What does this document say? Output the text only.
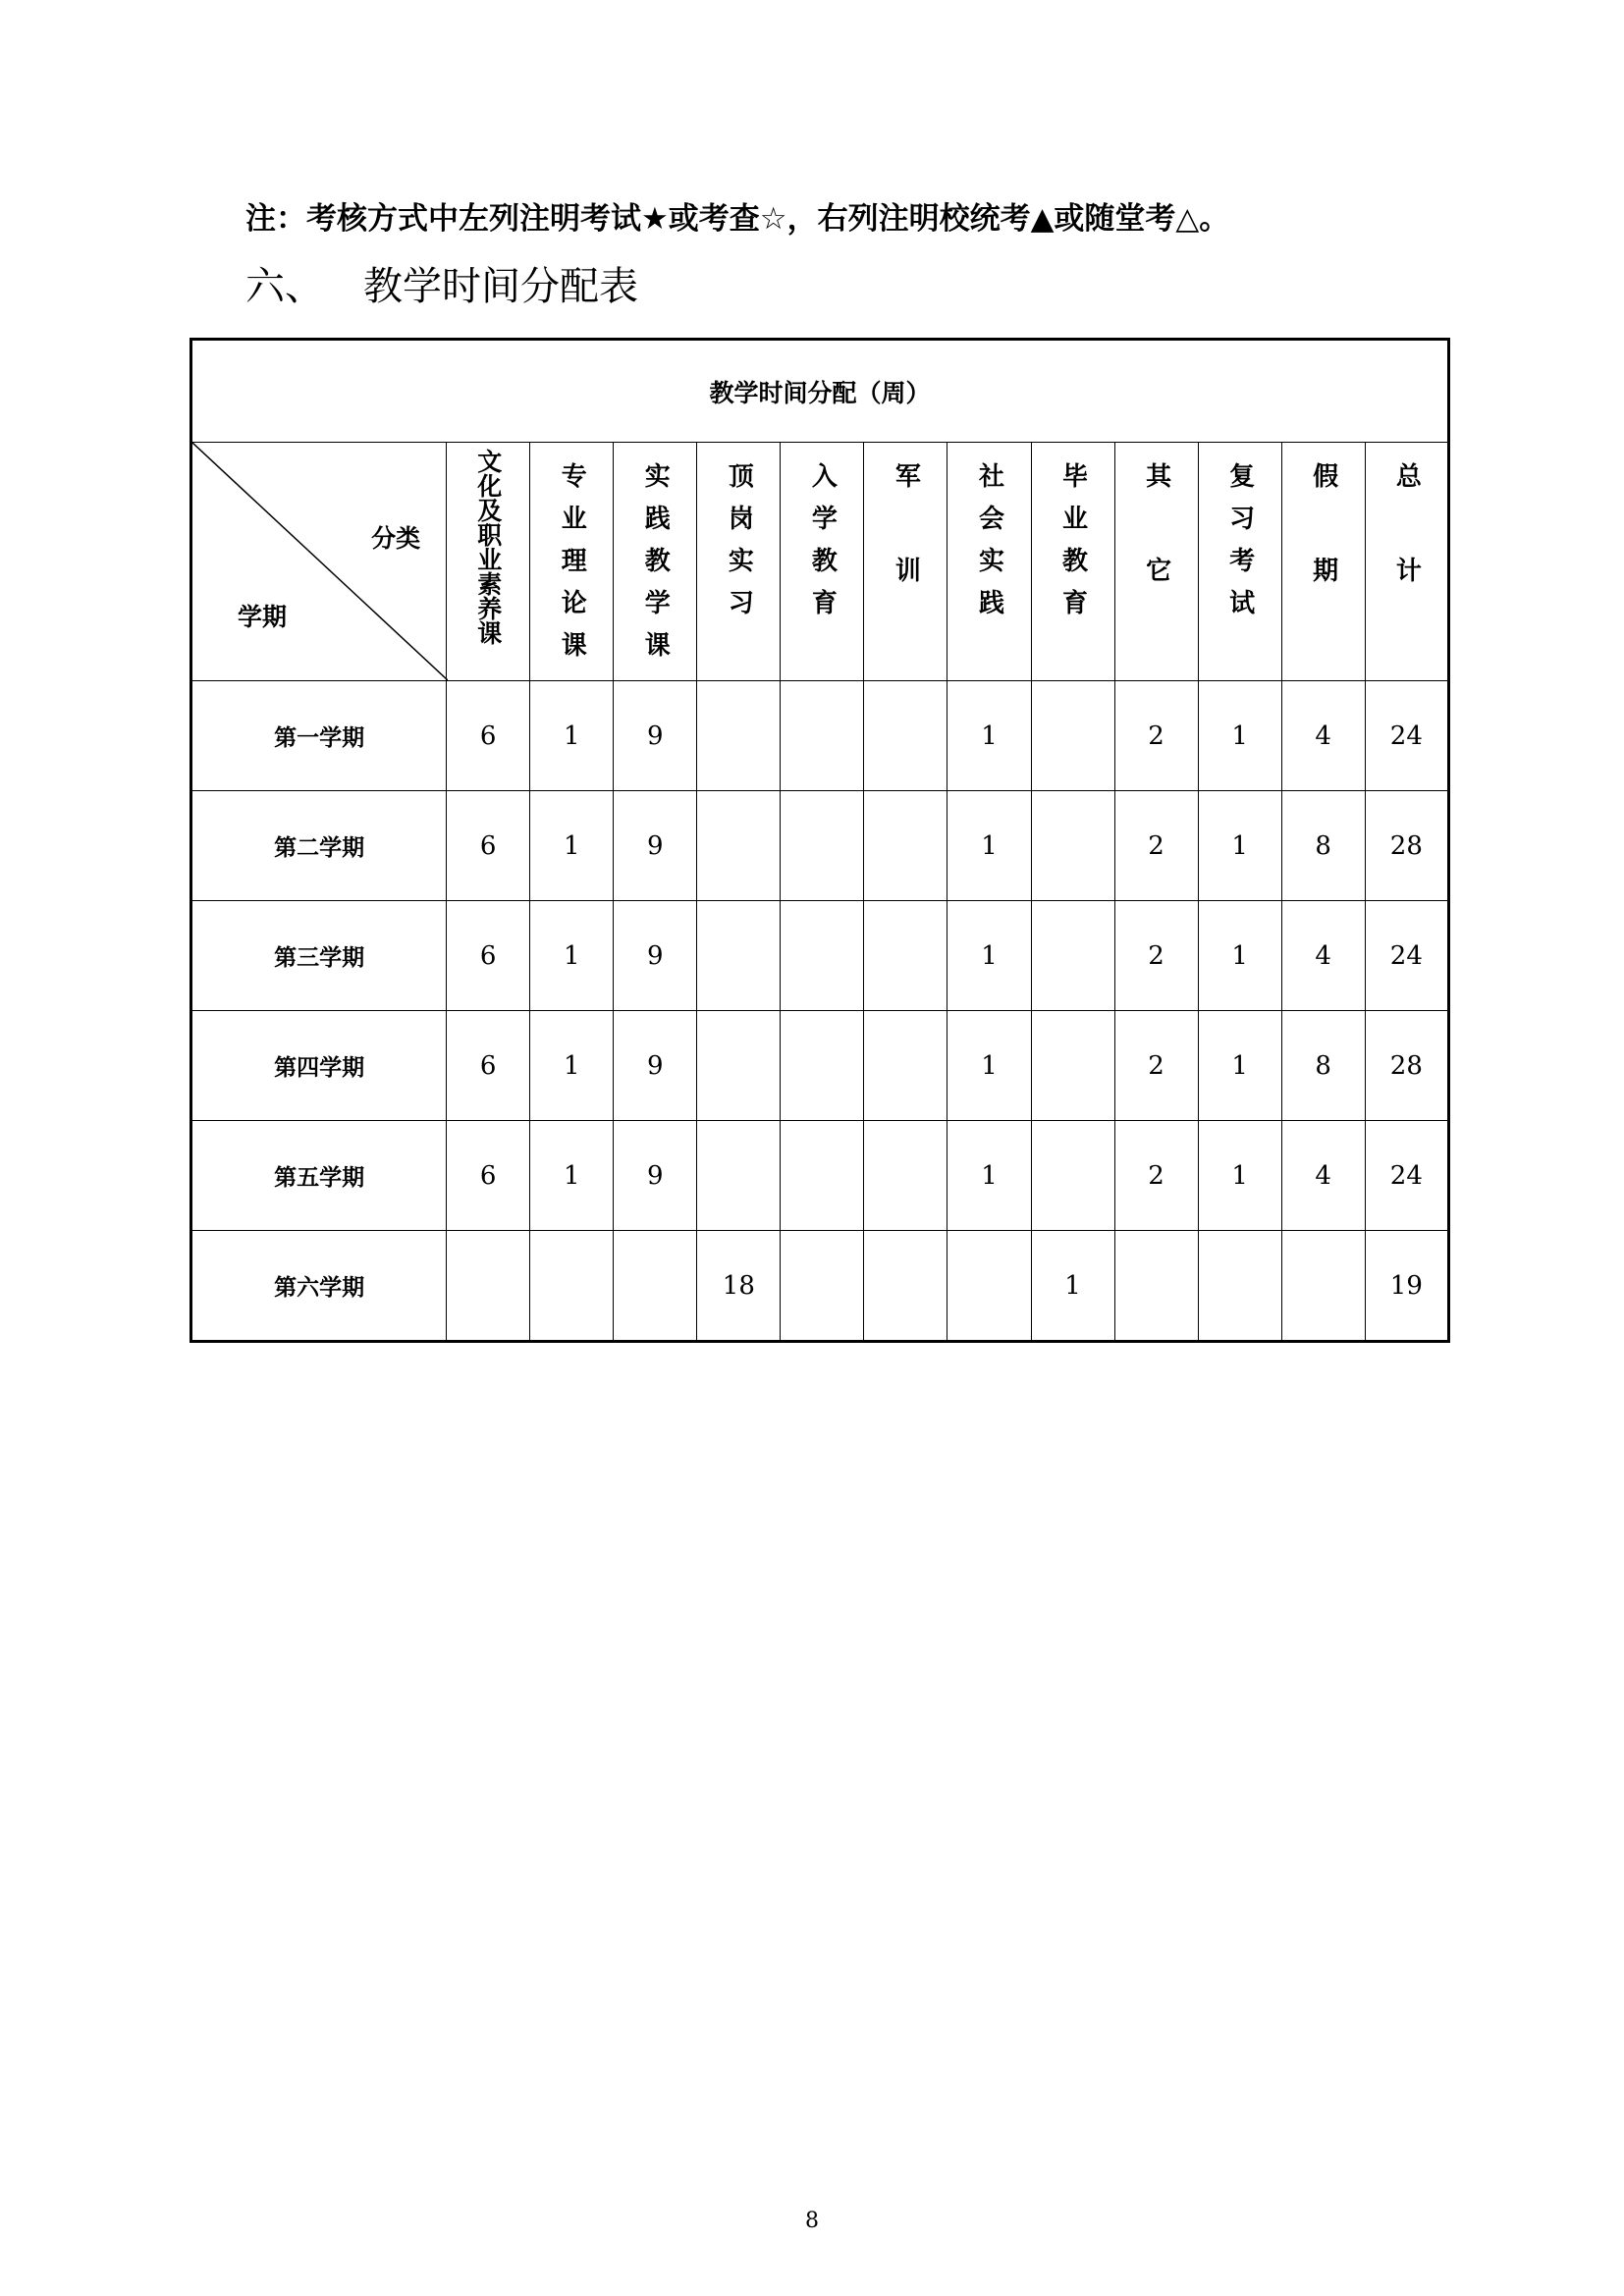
注：考核方式中左列注明考试★或考查☆，右列注明校统考▲或随堂考△。
六、 教学时间分配表
教学时间分配（周）												

分类
学期	文化及职业素养课	专业理论课	实践教学课	顶岗实习	入学教育	军训	社会实践	毕业教育	其它	复习考试	假期	总计

第一学期	6	1	9				1		2	1	4	24
第二学期	6	1	9				1		2	1	8	28
第三学期	6	1	9				1		2	1	4	24
第四学期	6	1	9				1		2	1	8	28
第五学期	6	1	9				1		2	1	4	24
第六学期				18				1				19
8
